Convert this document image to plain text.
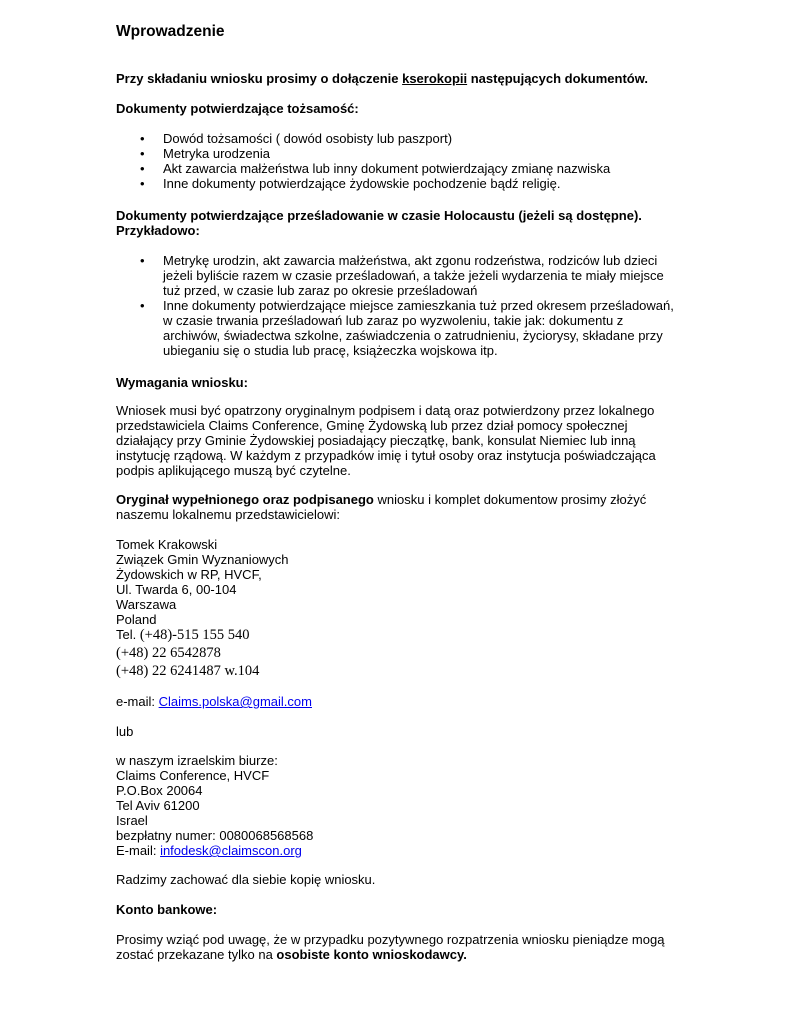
Wprowadzenie
Przy składaniu wniosku prosimy o dołączenie kserokopii następujących dokumentów.
Dokumenty potwierdzające tożsamość:
• Dowód tożsamości ( dowód osobisty lub paszport)
• Metryka urodzenia
• Akt zawarcia małżeństwa lub inny dokument potwierdzający zmianę nazwiska
• Inne dokumenty potwierdzające żydowskie pochodzenie bądź religię.
Dokumenty potwierdzające prześladowanie w czasie Holocaustu (jeżeli są dostępne).
Przykładowo:
• Metrykę urodzin, akt zawarcia małżeństwa, akt zgonu rodzeństwa, rodziców lub dzieci
jeżeli byliście razem w czasie prześladowań, a także jeżeli wydarzenia te miały miejsce
tuż przed, w czasie lub zaraz po okresie prześladowań
• Inne dokumenty potwierdzające miejsce zamieszkania tuż przed okresem prześladowań,
w czasie trwania prześladowań lub zaraz po wyzwoleniu, takie jak: dokumentu z
archiwów, świadectwa szkolne, zaświadczenia o zatrudnieniu, życiorysy, składane przy
ubieganiu się o studia lub pracę, książeczka wojskowa itp.
Wymagania wniosku:
Wniosek musi być opatrzony oryginalnym podpisem i datą oraz potwierdzony przez lokalnego
przedstawiciela Claims Conference, Gminę Żydowską lub przez dział pomocy społecznej
działający przy Gminie Żydowskiej posiadający pieczątkę, bank, konsulat Niemiec lub inną
instytucję rządową. W każdym z przypadków imię i tytuł osoby oraz instytucja poświadczająca
podpis aplikującego muszą być czytelne.
Oryginał wypełnionego oraz podpisanego wniosku i komplet dokumentow prosimy złożyć
naszemu lokalnemu przedstawicielowi:
Tomek Krakowski
Związek Gmin Wyznaniowych
Żydowskich w RP, HVCF,
Ul. Twarda 6, 00-104
Warszawa
Poland
Tel. (+48)-515 155 540
(+48) 22 6542878
(+48) 22 6241487 w.104
e-mail: Claims.polska@gmail.com
lub
w naszym izraelskim biurze:
Claims Conference, HVCF
P.O.Box 20064
Tel Aviv 61200
Israel
bezpłatny numer: 0080068568568
E-mail: infodesk@claimscon.org
Radzimy zachować dla siebie kopię wniosku.
Konto bankowe:
Prosimy wziąć pod uwagę, że w przypadku pozytywnego rozpatrzenia wniosku pieniądze mogą
zostać przekazane tylko na osobiste konto wnioskodawcy.
